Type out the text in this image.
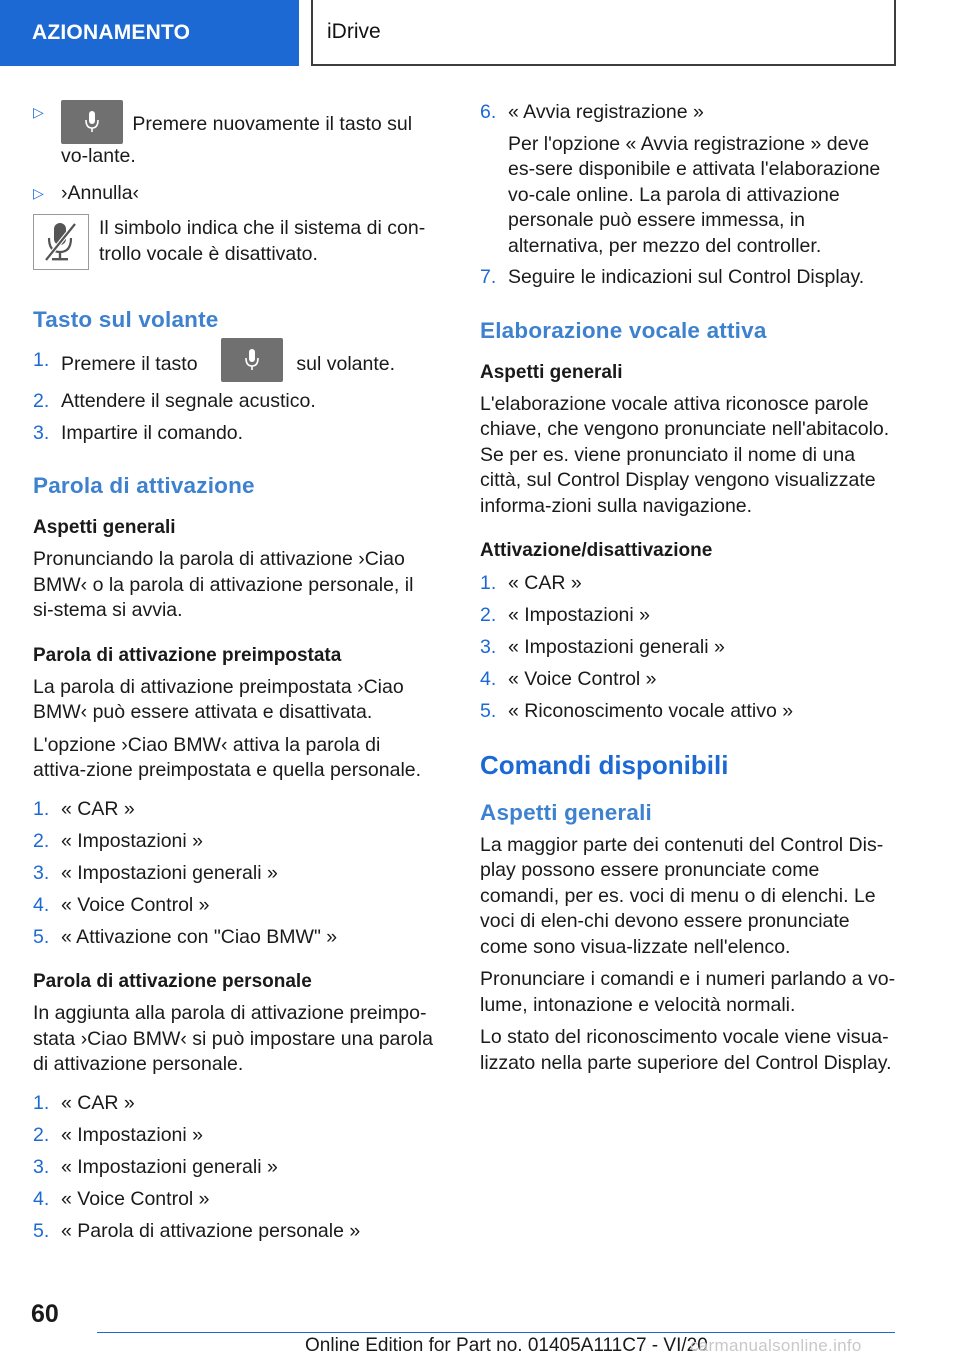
AZIONAMENTO	iDrive
▷
Premere nuovamente il tasto sul vo-lante.
▷ ›Annulla‹
Il simbolo indica che il sistema di con-trollo vocale è disattivato.
Tasto sul volante
1. Premere il tasto	sul volante.
2. Attendere il segnale acustico.
3. Impartire il comando.
Parola di attivazione
Aspetti generali

Pronunciando la parola di attivazione ›Ciao BMW‹ o la parola di attivazione personale, il si-stema si avvia.

Parola di attivazione preimpostata

La parola di attivazione preimpostata ›Ciao BMW‹ può essere attivata e disattivata.

L'opzione ›Ciao BMW‹ attiva la parola di attiva-zione preimpostata e quella personale.

1. « CAR »
2. « Impostazioni »
3. « Impostazioni generali »
4. « Voice Control »
5. « Attivazione con "Ciao BMW" »
Parola di attivazione personale

In aggiunta alla parola di attivazione preimpo-stata ›Ciao BMW‹ si può impostare una parola di attivazione personale.

1. « CAR »
2. « Impostazioni »
3. « Impostazioni generali »
4. « Voice Control »
5. « Parola di attivazione personale »
6. « Avvia registrazione »
Per l'opzione « Avvia registrazione » deve es-sere disponibile e attivata l'elaborazione vo-cale online. La parola di attivazione personale può essere immessa, in alternativa, per mezzo del controller.
7. Seguire le indicazioni sul Control Display.
Elaborazione vocale attiva
Aspetti generali

L'elaborazione vocale attiva riconosce parole chiave, che vengono pronunciate nell'abitacolo. Se per es. viene pronunciato il nome di una città, sul Control Display vengono visualizzate informa-zioni sulla navigazione.

Attivazione/disattivazione
1. « CAR »
2. « Impostazioni »
3. « Impostazioni generali »
4. « Voice Control »
5. « Riconoscimento vocale attivo »
Comandi disponibili
Aspetti generali

La maggior parte dei contenuti del Control Dis-play possono essere pronunciate come comandi, per es. voci di menu o di elenchi. Le voci di elen-chi devono essere pronunciate come sono visua-lizzate nell'elenco.

Pronunciare i comandi e i numeri parlando a vo-lume, intonazione e velocità normali.

Lo stato del riconoscimento vocale viene visua-lizzato nella parte superiore del Control Display.

60
Online Edition for Part no. 01405A111C7 - VI/20
carmanualsonline.info
